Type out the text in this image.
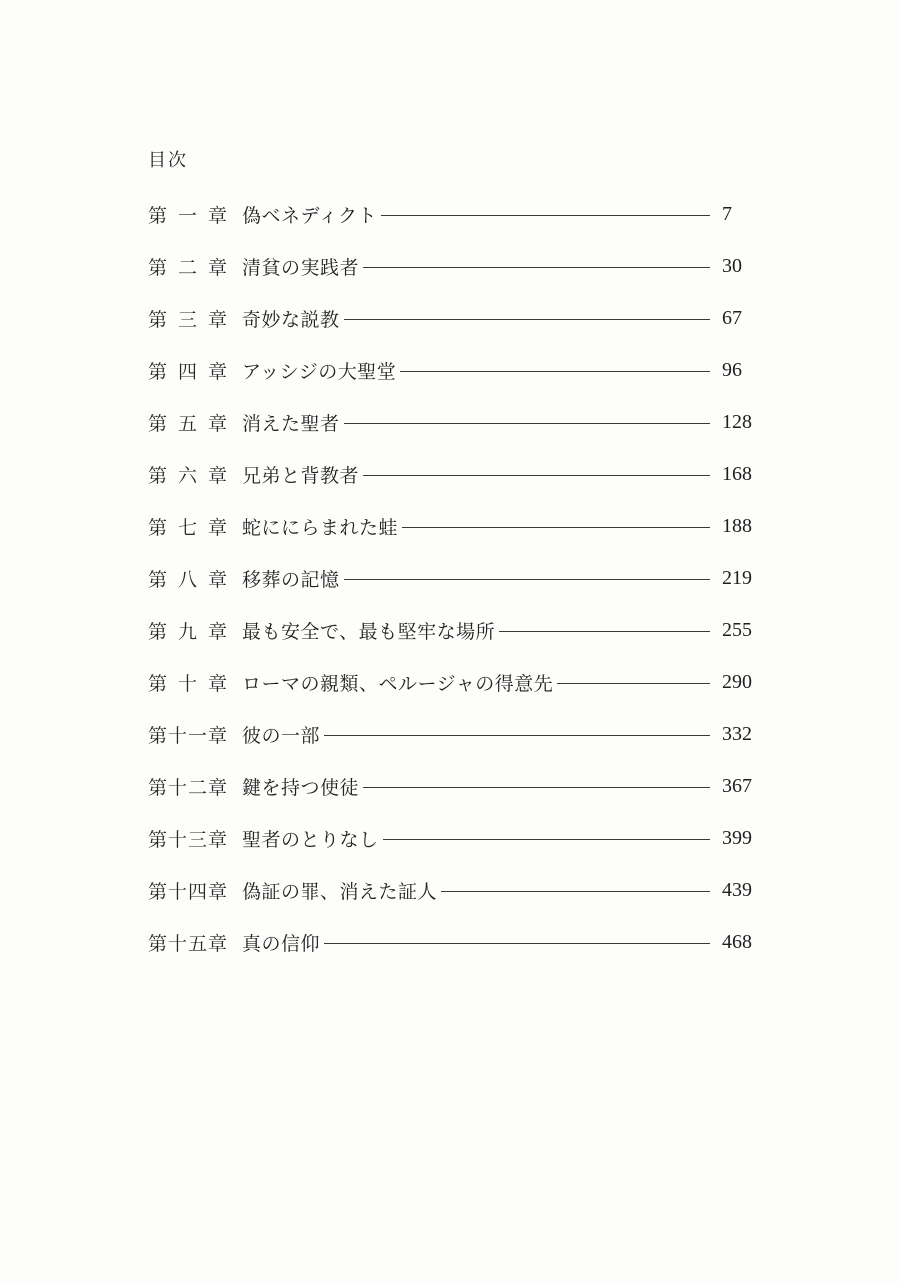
目次
第 一 章 偽ベネディクト	7
第 二 章 清貧の実践者	30
第 三 章 奇妙な説教	67
第 四 章 アッシジの大聖堂	96
第 五 章 消えた聖者	128
第 六 章 兄弟と背教者	168
第 七 章 蛇ににらまれた蛙	188
第 八 章 移葬の記憶	219
第 九 章 最も安全で、最も堅牢な場所	255
第 十 章 ローマの親類、ペルージャの得意先	290
第十一章 彼の一部	332
第十二章 鍵を持つ使徒	367
第十三章 聖者のとりなし	399
第十四章 偽証の罪、消えた証人	439
第十五章 真の信仰	468
